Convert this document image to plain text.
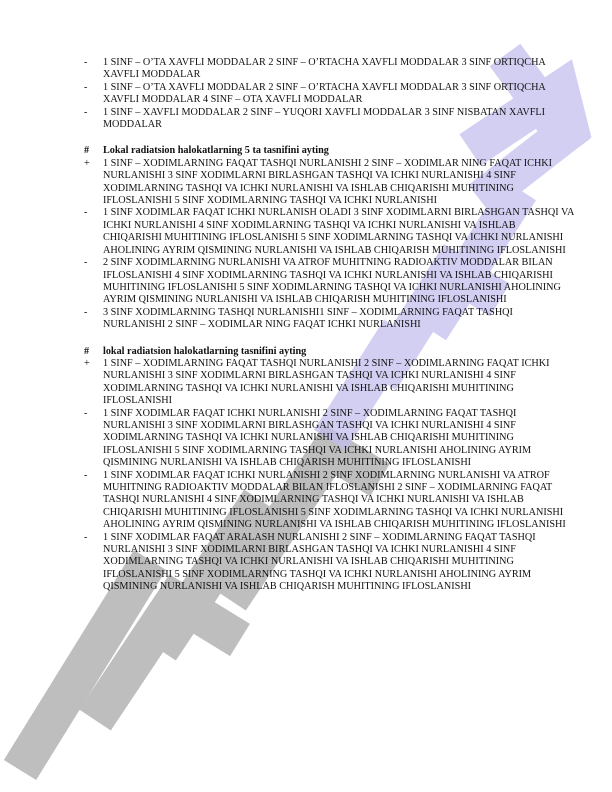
-	1 SINF – O’TA XAVFLI MODDALAR 2 SINF – O’RTACHA XAVFLI MODDALAR 3 SINF ORTIQCHA XAVFLI MODDALAR
-	1 SINF – O’TA XAVFLI MODDALAR 2 SINF – O’RTACHA XAVFLI MODDALAR 3 SINF ORTIQCHA XAVFLI MODDALAR 4 SINF – OTA XAVFLI MODDALAR
-	1 SINF – XAVFLI MODDALAR 2 SINF – YUQORI XAVFLI MODDALAR 3 SINF NISBATAN XAVFLI MODDALAR
#	Lokal radiatsion halokatlarning 5 ta tasnifini ayting
+	1 SINF – XODIMLARNING FAQAT TASHQI NURLANISHI 2 SINF – XODIMLAR NING FAQAT ICHKI NURLANISHI 3 SINF XODIMLARNI BIRLASHGAN TASHQI VA ICHKI NURLANISHI 4 SINF XODIMLARNING TASHQI VA ICHKI NURLANISHI VA ISHLAB CHIQARISHI MUHITINING IFLOSLANISHI 5 SINF XODIMLARNING TASHQI VA ICHKI NURLANISHI
-	1 SINF XODIMLAR FAQAT ICHKI NURLANISH OLADI 3 SINF XODIMLARNI BIRLASHGAN TASHQI VA ICHKI NURLANISHI 4 SINF XODIMLARNING TASHQI VA ICHKI NURLANISHI VA ISHLAB CHIQARISHI MUHITINING IFLOSLANISHI 5 SINF XODIMLARNING TASHQI VA ICHKI NURLANISHI AHOLINING AYRIM QISMINING NURLANISHI VA ISHLAB CHIQARISH MUHITINING IFLOSLANISHI
-	2 SINF XODIMLARNING NURLANISHI VA ATROF MUHITNING RADIOAKTIV MODDALAR BILAN IFLOSLANISHI 4 SINF XODIMLARNING TASHQI VA ICHKI NURLANISHI VA ISHLAB CHIQARISHI MUHITINING IFLOSLANISHI 5 SINF XODIMLARNING TASHQI VA ICHKI NURLANISHI AHOLINING AYRIM QISMINING NURLANISHI VA ISHLAB CHIQARISH MUHITINING IFLOSLANISHI
-	3 SINF XODIMLARNING TASHQI NURLANISHI1 SINF – XODIMLARNING FAQAT TASHQI NURLANISHI 2 SINF – XODIMLAR NING FAQAT ICHKI NURLANISHI
#	lokal radiatsion halokatlarning tasnifini ayting
+	1 SINF – XODIMLARNING FAQAT TASHQI NURLANISHI 2 SINF – XODIMLARNING FAQAT ICHKI NURLANISHI 3 SINF XODIMLARNI BIRLASHGAN TASHQI VA ICHKI NURLANISHI 4 SINF XODIMLARNING TASHQI VA ICHKI NURLANISHI VA ISHLAB CHIQARISHI MUHITINING IFLOSLANISHI
-	1 SINF XODIMLAR FAQAT ICHKI NURLANISHI 2 SINF – XODIMLARNING FAQAT TASHQI NURLANISHI 3 SINF XODIMLARNI BIRLASHGAN TASHQI VA ICHKI NURLANISHI 4 SINF XODIMLARNING TASHQI VA ICHKI NURLANISHI VA ISHLAB CHIQARISHI MUHITINING IFLOSLANISHI 5 SINF XODIMLARNING TASHQI VA ICHKI NURLANISHI AHOLINING AYRIM QISMINING NURLANISHI VA ISHLAB CHIQARISH MUHITINING IFLOSLANISHI
-	1 SINF XODIMLAR FAQAT ICHKI NURLANISHI 2 SINF XODIMLARNING NURLANISHI VA ATROF MUHITNING RADIOAKTIV MODDALAR BILAN IFLOSLANISHI 2 SINF – XODIMLARNING FAQAT TASHQI NURLANISHI 4 SINF XODIMLARNING TASHQI VA ICHKI NURLANISHI VA ISHLAB CHIQARISHI MUHITINING IFLOSLANISHI 5 SINF XODIMLARNING TASHQI VA ICHKI NURLANISHI AHOLINING AYRIM QISMINING NURLANISHI VA ISHLAB CHIQARISH MUHITINING IFLOSLANISHI
-	1 SINF XODIMLAR FAQAT ARALASH NURLANISHI 2 SINF – XODIMLARNING FAQAT TASHQI NURLANISHI 3 SINF XODIMLARNI BIRLASHGAN TASHQI VA ICHKI NURLANISHI 4 SINF XODIMLARNING TASHQI VA ICHKI NURLANISHI VA ISHLAB CHIQARISHI MUHITINING IFLOSLANISHI 5 SINF XODIMLARNING TASHQI VA ICHKI NURLANISHI AHOLINING AYRIM QISMINING NURLANISHI VA ISHLAB CHIQARISH MUHITINING IFLOSLANISHI
